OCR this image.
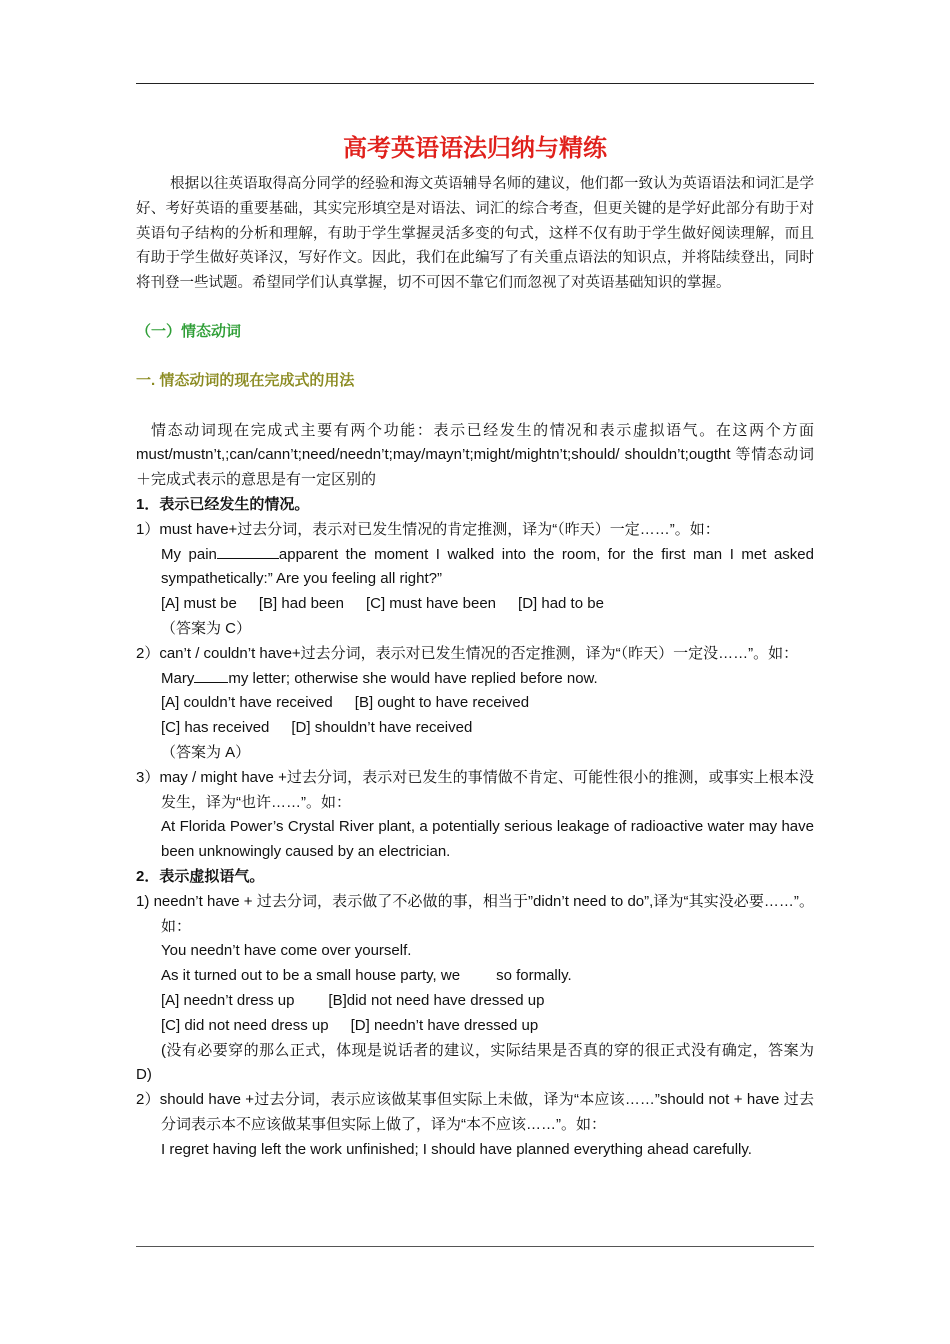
高考英语语法归纳与精练
根据以往英语取得高分同学的经验和海文英语辅导名师的建议，他们都一致认为英语语法和词汇是学好、考好英语的重要基础，其实完形填空是对语法、词汇的综合考查，但更关键的是学好此部分有助于对英语句子结构的分析和理解，有助于学生掌握灵活多变的句式，这样不仅有助于学生做好阅读理解，而且有助于学生做好英译汉，写好作文。因此，我们在此编写了有关重点语法的知识点，并将陆续登出，同时将刊登一些试题。希望同学们认真掌握，切不可因不靠它们而忽视了对英语基础知识的掌握。
（一）情态动词
一. 情态动词的现在完成式的用法
情态动词现在完成式主要有两个功能：表示已经发生的情况和表示虚拟语气。在这两个方面 must/mustn’t,;can/cann’t;need/needn’t;may/mayn’t;might/mightn’t;should/ shouldn’t;ougtht 等情态动词＋完成式表示的意思是有一定区别的
1．表示已经发生的情况。
1）must have+过去分词，表示对已发生情况的肯定推测，译为“（昨天）一定……”。如：
My pain	apparent the moment I walked into the room, for the first man I met asked sympathetically:” Are you feeling all right?”
[A] must be [B] had been [C] must have been [D] had to be
（答案为 C）
2）can’t / couldn’t have+过去分词，表示对已发生情况的否定推测，译为“（昨天）一定没……”。如：
Mary my letter; otherwise she would have replied before now.
[A] couldn’t have received [B] ought to have received
[C] has received [D] shouldn’t have received
（答案为 A）
3）may / might have +过去分词，表示对已发生的事情做不肯定、可能性很小的推测，或事实上根本没发生，译为“也许……”。如：
At Florida Power’s Crystal River plant, a potentially serious leakage of radioactive water may have been unknowingly caused by an electrician.
2．表示虚拟语气。
1) needn’t have + 过去分词，表示做了不必做的事，相当于”didn’t need to do”,译为“其实没必要……”。如：
You needn’t have come over yourself.
As it turned out to be a small house party, we so formally.
[A] needn’t dress up [B]did not need have dressed up
[C] did not need dress up [D] needn’t have dressed up
(没有必要穿的那么正式，体现是说话者的建议，实际结果是否真的穿的很正式没有确定，答案为 D)
2）should have +过去分词，表示应该做某事但实际上未做，译为“本应该……”should not + have 过去分词表示本不应该做某事但实际上做了，译为“本不应该……”。如：
I regret having left the work unfinished; I should have planned everything ahead carefully.
